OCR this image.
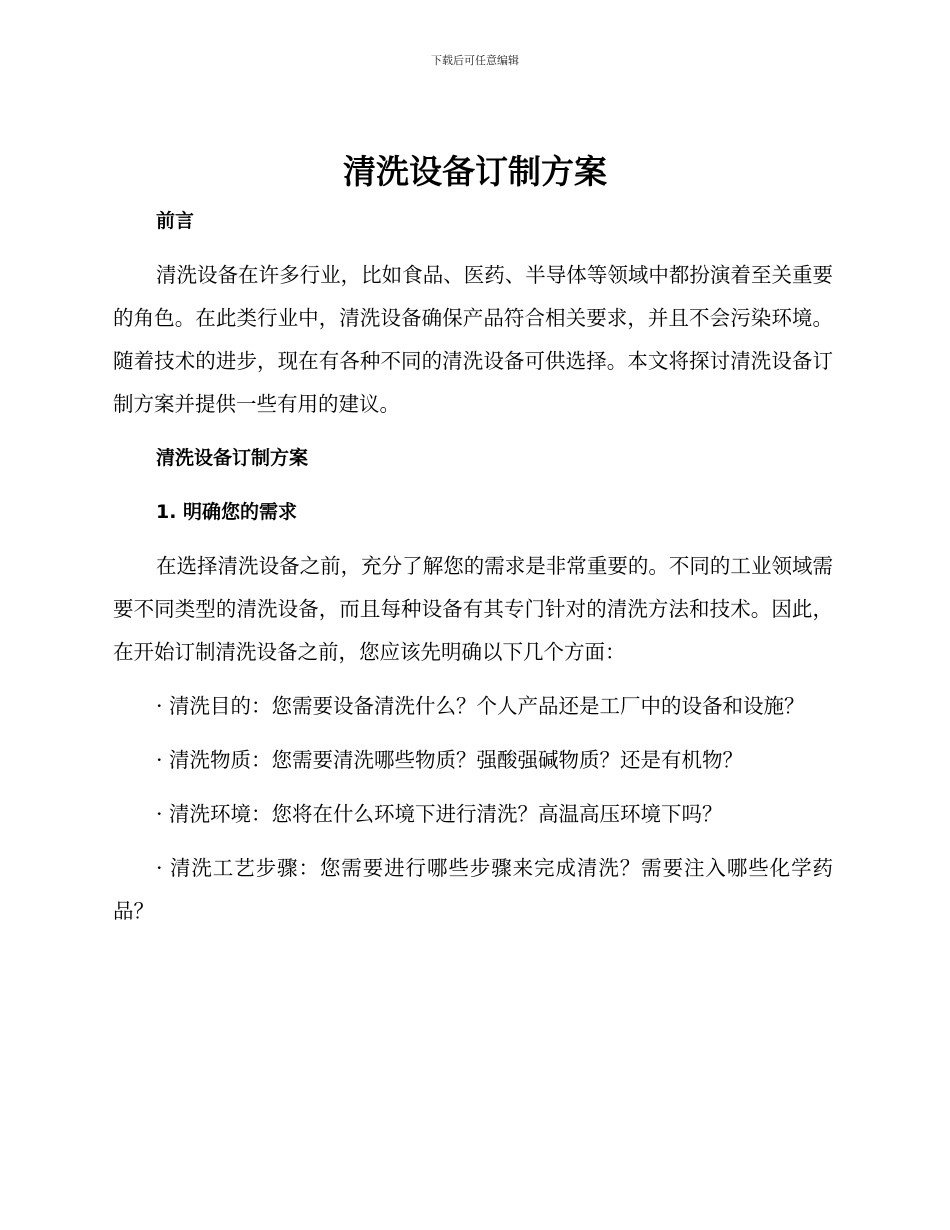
下载后可任意编辑
清洗设备订制方案

前言

清洗设备在许多行业，比如食品、医药、半导体等领域中都扮演着至关重要的角色。在此类行业中，清洗设备确保产品符合相关要求，并且不会污染环境。随着技术的进步，现在有各种不同的清洗设备可供选择。本文将探讨清洗设备订制方案并提供一些有用的建议。

清洗设备订制方案

1. 明确您的需求

在选择清洗设备之前，充分了解您的需求是非常重要的。不同的工业领域需要不同类型的清洗设备，而且每种设备有其专门针对的清洗方法和技术。因此，在开始订制清洗设备之前，您应该先明确以下几个方面：

· 清洗目的：您需要设备清洗什么？个人产品还是工厂中的设备和设施？

· 清洗物质：您需要清洗哪些物质？强酸强碱物质？还是有机物？

· 清洗环境：您将在什么环境下进行清洗？高温高压环境下吗？

· 清洗工艺步骤：您需要进行哪些步骤来完成清洗？需要注入哪些化学药品？
